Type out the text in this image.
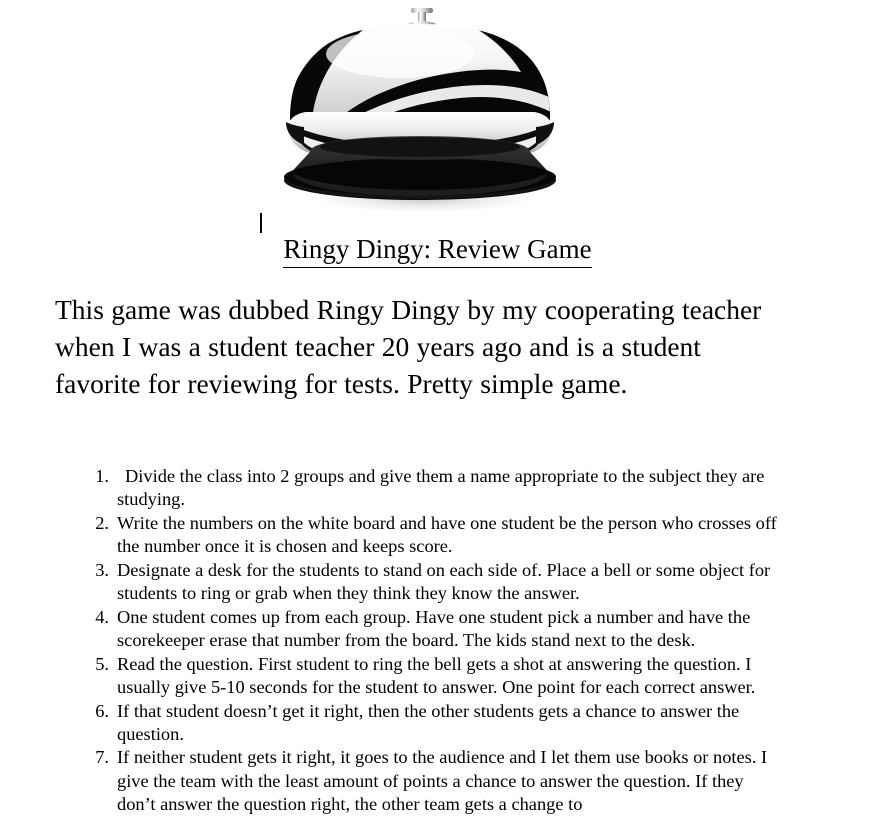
Ringy Dingy: Review Game

This game was dubbed Ringy Dingy by my cooperating teacher when I was a student teacher 20 years ago and is a student favorite for reviewing for tests. Pretty simple game.

1. Divide the class into 2 groups and give them a name appropriate to the subject they are studying.
2. Write the numbers on the white board and have one student be the person who crosses off the number once it is chosen and keeps score.
3. Designate a desk for the students to stand on each side of. Place a bell or some object for students to ring or grab when they think they know the answer.
4. One student comes up from each group. Have one student pick a number and have the scorekeeper erase that number from the board. The kids stand next to the desk.
5. Read the question. First student to ring the bell gets a shot at answering the question. I usually give 5-10 seconds for the student to answer. One point for each correct answer.
6. If that student doesn’t get it right, then the other students gets a chance to answer the question.
7. If neither student gets it right, it goes to the audience and I let them use books or notes. I give the team with the least amount of points a chance to answer the question. If they don’t answer the question right, the other team gets a change to
